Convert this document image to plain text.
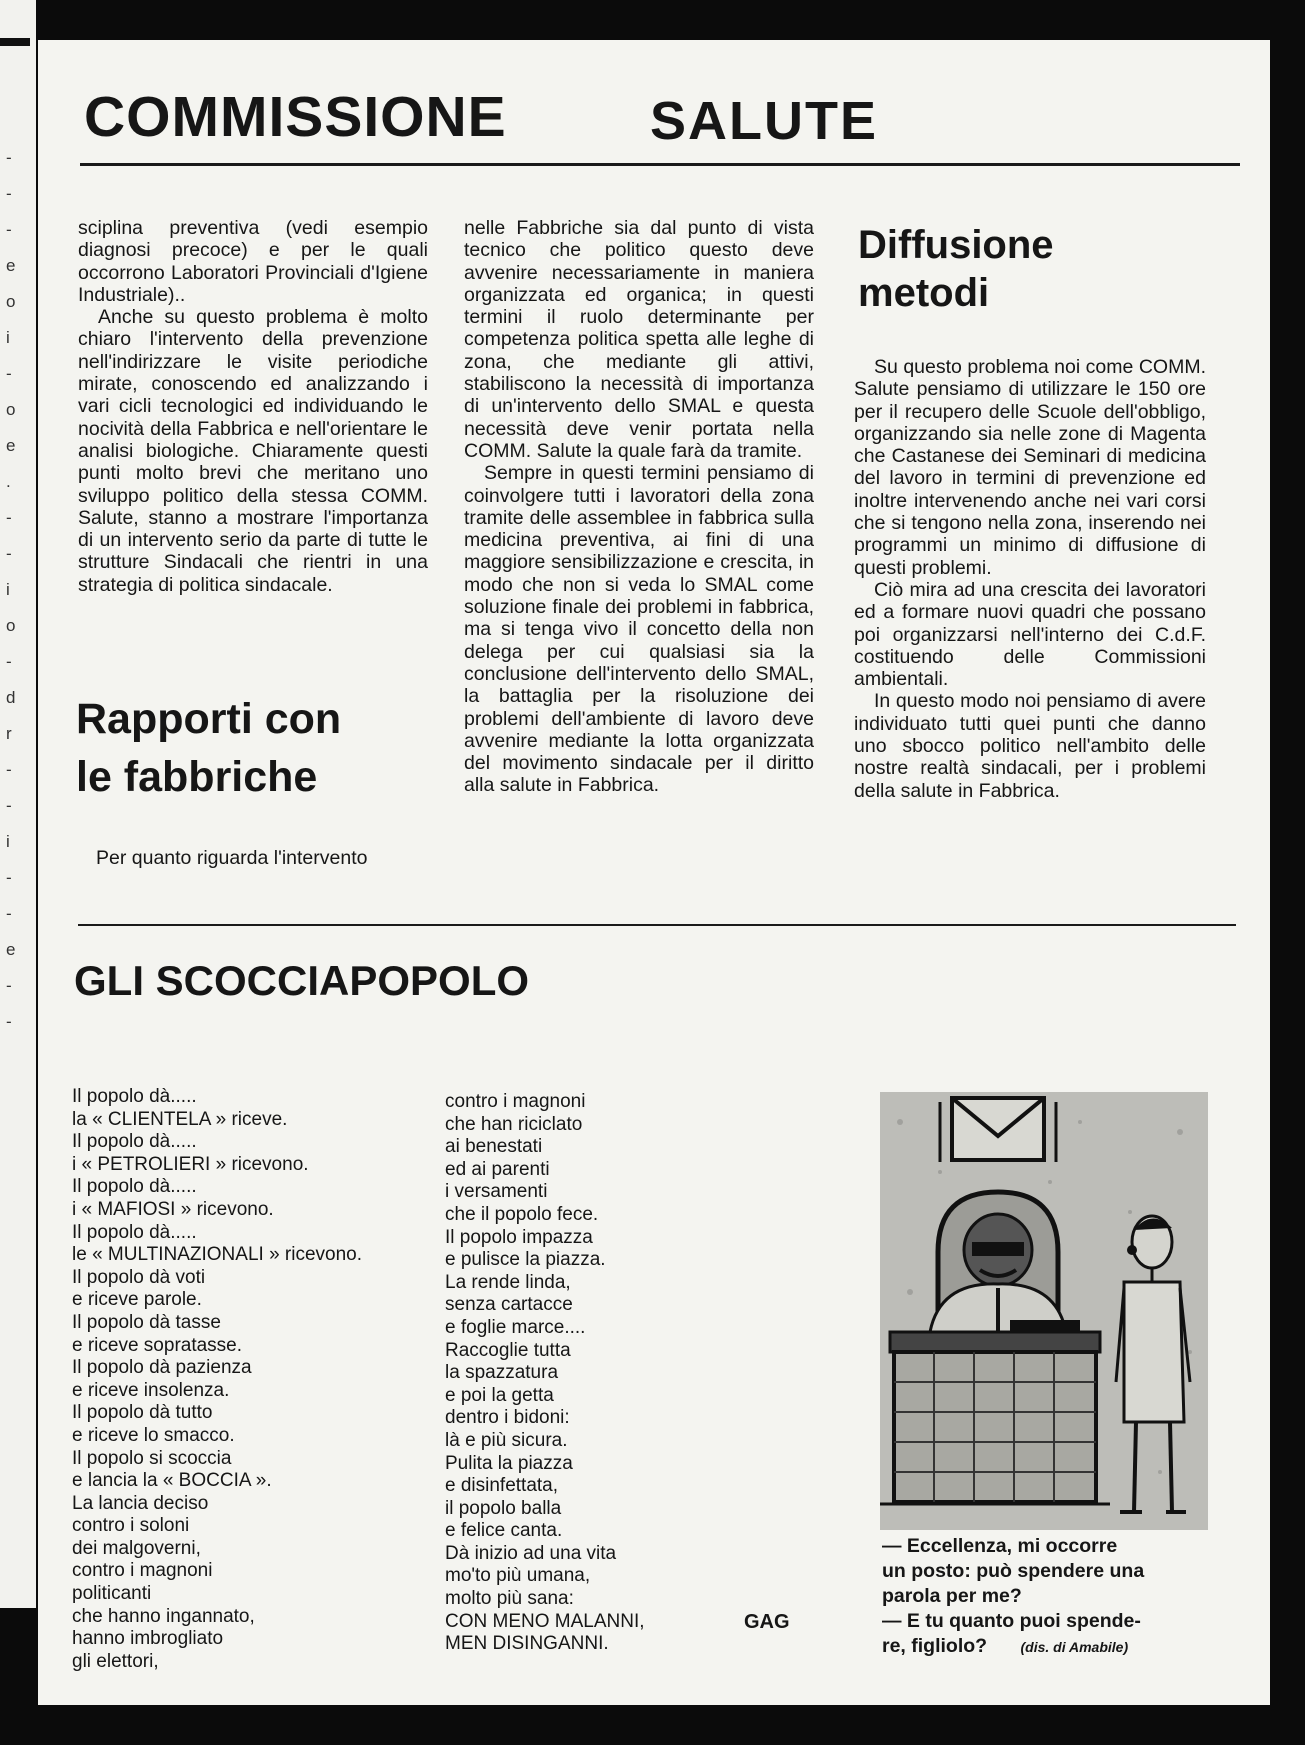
-
-
-
e
o
i
-
o
e
.
-
-
i
o
-
d
r
-
-
i
-
-
e
-
-
COMMISSIONE	SALUTE

sciplina preventiva (vedi esempio diagnosi precoce) e per le quali occorrono Laboratori Provinciali d'Igiene Industriale)..

Anche su questo problema è molto chiaro l'intervento della prevenzione nell'indirizzare le visite periodiche mirate, conoscendo ed analizzando i vari cicli tecnologici ed individuando le nocività della Fabbrica e nell'orientare le analisi biologiche. Chiaramente questi punti molto brevi che meritano uno sviluppo politico della stessa COMM. Salute, stanno a mostrare l'importanza di un intervento serio da parte di tutte le strutture Sindacali che rientri in una strategia di politica sindacale.

Rapporti con
le fabbriche
Per quanto riguarda l'intervento

nelle Fabbriche sia dal punto di vista tecnico che politico questo deve avvenire necessariamente in maniera organizzata ed organica; in questi termini il ruolo determinante per competenza politica spetta alle leghe di zona, che mediante gli attivi, stabiliscono la necessità di importanza di un'intervento dello SMAL e questa necessità deve venir portata nella COMM. Salute la quale farà da tramite.

Sempre in questi termini pensiamo di coinvolgere tutti i lavoratori della zona tramite delle assemblee in fabbrica sulla medicina preventiva, ai fini di una maggiore sensibilizzazione e crescita, in modo che non si veda lo SMAL come soluzione finale dei problemi in fabbrica, ma si tenga vivo il concetto della non delega per cui qualsiasi sia la conclusione dell'intervento dello SMAL, la battaglia per la risoluzione dei problemi dell'ambiente di lavoro deve avvenire mediante la lotta organizzata del movimento sindacale per il diritto alla salute in Fabbrica.

Diffusione
metodi

Su questo problema noi come COMM. Salute pensiamo di utilizzare le 150 ore per il recupero delle Scuole dell'obbligo, organizzando sia nelle zone di Magenta che Castanese dei Seminari di medicina del lavoro in termini di prevenzione ed inoltre intervenendo anche nei vari corsi che si tengono nella zona, inserendo nei programmi un minimo di diffusione di questi problemi.

Ciò mira ad una crescita dei lavoratori ed a formare nuovi quadri che possano poi organizzarsi nell'interno dei C.d.F. costituendo delle Commissioni ambientali.

In questo modo noi pensiamo di avere individuato tutti quei punti che danno uno sbocco politico nell'ambito delle nostre realtà sindacali, per i problemi della salute in Fabbrica.

GLI SCOCCIAPOPOLO
Il popolo dà.....
la « CLIENTELA » riceve.
Il popolo dà.....
i « PETROLIERI » ricevono.
Il popolo dà.....
i « MAFIOSI » ricevono.
Il popolo dà.....
le « MULTINAZIONALI » ricevono.
Il popolo dà voti
e riceve parole.
Il popolo dà tasse
e riceve sopratasse.
Il popolo dà pazienza
e riceve insolenza.
Il popolo dà tutto
e riceve lo smacco.
Il popolo si scoccia
e lancia la « BOCCIA ».
La lancia deciso
contro i soloni
dei malgoverni,
contro i magnoni
politicanti
che hanno ingannato,
hanno imbrogliato
gli elettori,
contro i magnoni
che han riciclato
ai benestati
ed ai parenti
i versamenti
che il popolo fece.
Il popolo impazza
e pulisce la piazza.
La rende linda,
senza cartacce
e foglie marce....
Raccoglie tutta
la spazzatura
e poi la getta
dentro i bidoni:
là e più sicura.
Pulita la piazza
e disinfettata,
il popolo balla
e felice canta.
Dà inizio ad una vita
mo'to più umana,
molto più sana:
CON MENO MALANNI,
MEN DISINGANNI.
GAG
— Eccellenza, mi occorre
un posto: può spendere una
parola per me?
— E tu quanto puoi spende-
re, figliolo? (dis. di Amabile)
